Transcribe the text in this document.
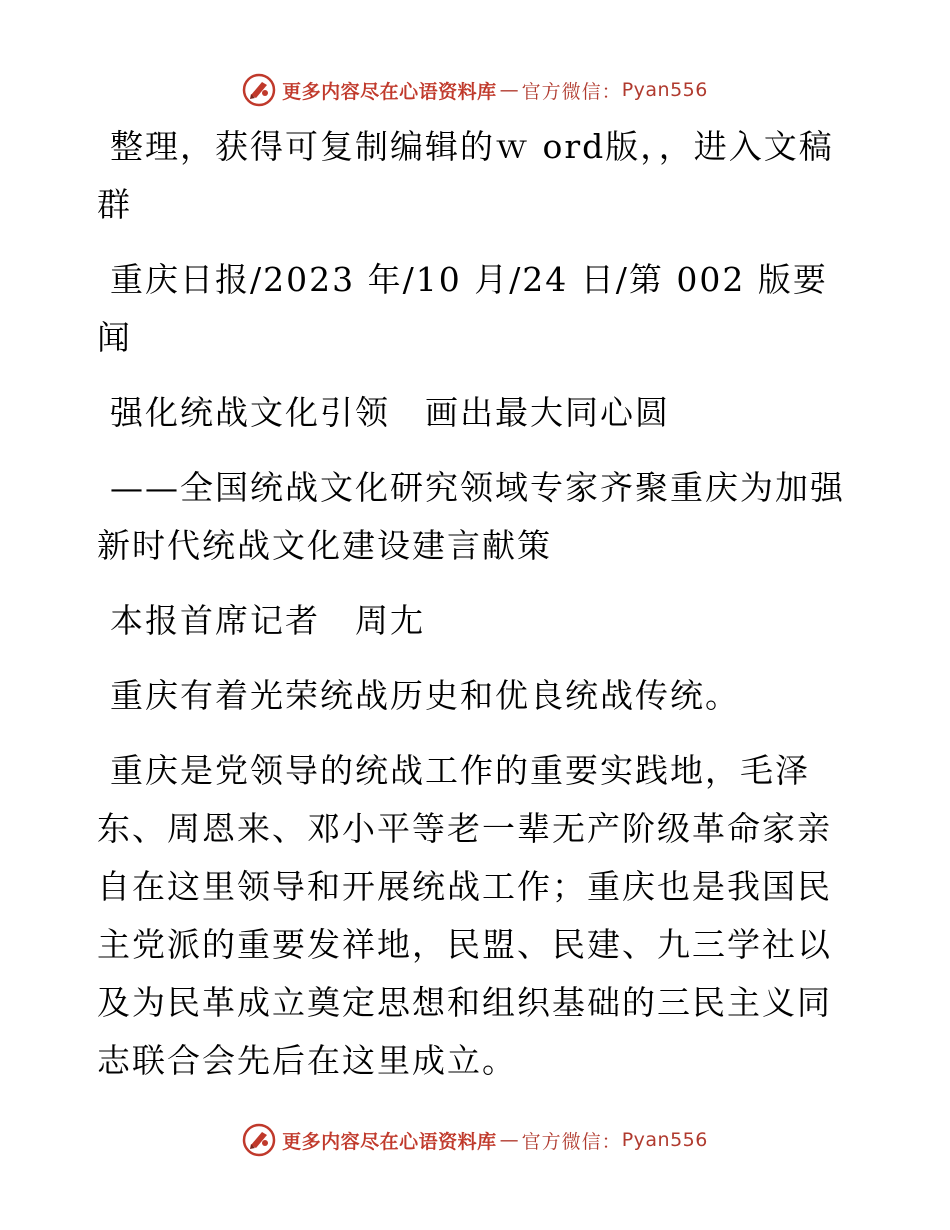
更多内容尽在心语资料库 — 官方微信： Pyan556

整理，获得可复制编辑的ｗ ord版，，进入文稿群

重庆日报/2023 年/10 月/24 日/第 002 版要闻

强化统战文化引领　画出最大同心圆

——全国统战文化研究领域专家齐聚重庆为加强新时代统战文化建设建言献策

本报首席记者　周尢

重庆有着光荣统战历史和优良统战传统。

重庆是党领导的统战工作的重要实践地，毛泽东、周恩来、邓小平等老一辈无产阶级革命家亲自在这里领导和开展统战工作；重庆也是我国民主党派的重要发祥地，民盟、民建、九三学社以及为民革成立奠定思想和组织基础的三民主义同志联合会先后在这里成立。

更多内容尽在心语资料库 — 官方微信： Pyan556
